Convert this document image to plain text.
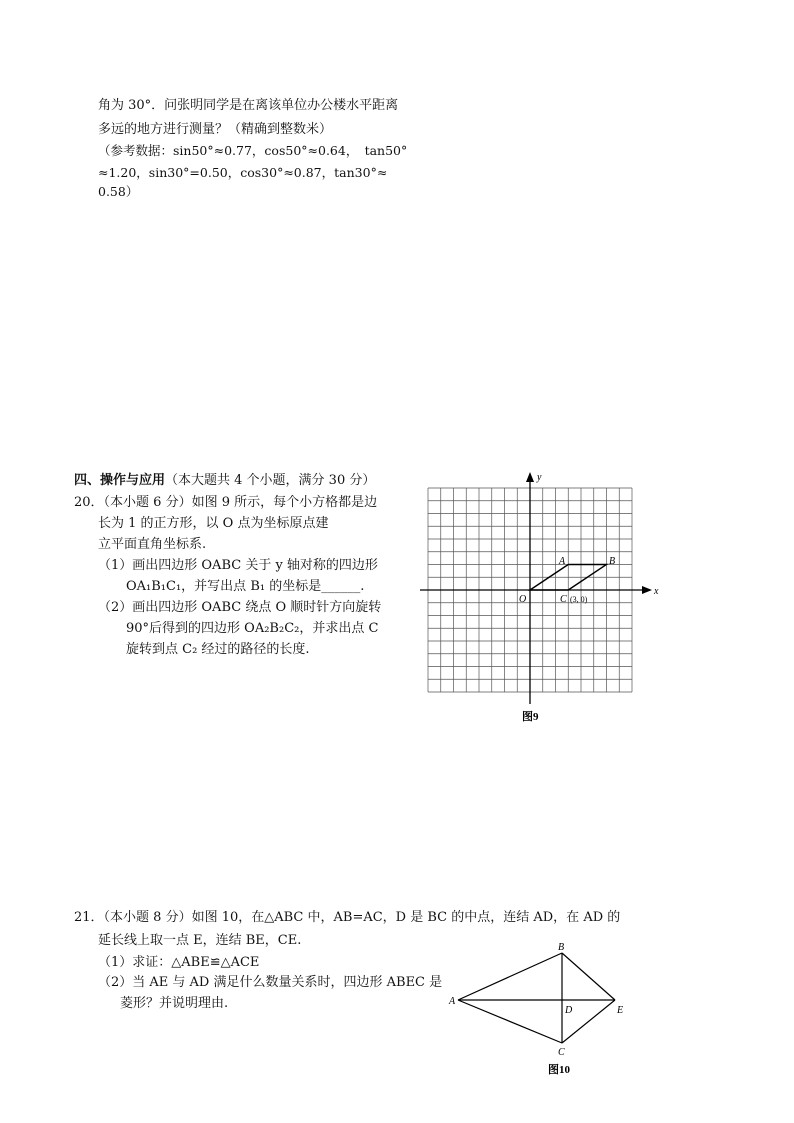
角为 30°．问张明同学是在离该单位办公楼水平距离
多远的地方进行测量？（精确到整数米）
（参考数据：sin50°≈0.77，cos50°≈0.64，　tan50°
≈1.20，sin30°=0.50，cos30°≈0.87，tan30°≈
0.58）
四、操作与应用（本大题共 4 个小题，满分 30 分）
20．（本小题 6 分）如图 9 所示，每个小方格都是边
长为 1 的正方形，以 O 点为坐标原点建
立平面直角坐标系.
（1）画出四边形 OABC 关于 y 轴对称的四边形
OA₁B₁C₁，并写出点 B₁ 的坐标是______.
（2）画出四边形 OABC 绕点 O 顺时针方向旋转
90°后得到的四边形 OA₂B₂C₂，并求出点 C
旋转到点 C₂ 经过的路径的长度.
x
y
O
A	B
C (3, 0)
图9
21．（本小题 8 分）如图 10，在△ABC 中，AB=AC，D 是 BC 的中点，连结 AD，在 AD 的
延长线上取一点 E，连结 BE，CE.
（1）求证：△ABE≌△ACE
（2）当 AE 与 AD 满足什么数量关系时，四边形 ABEC 是
菱形？并说明理由.	A
B
C
D	E
图10
